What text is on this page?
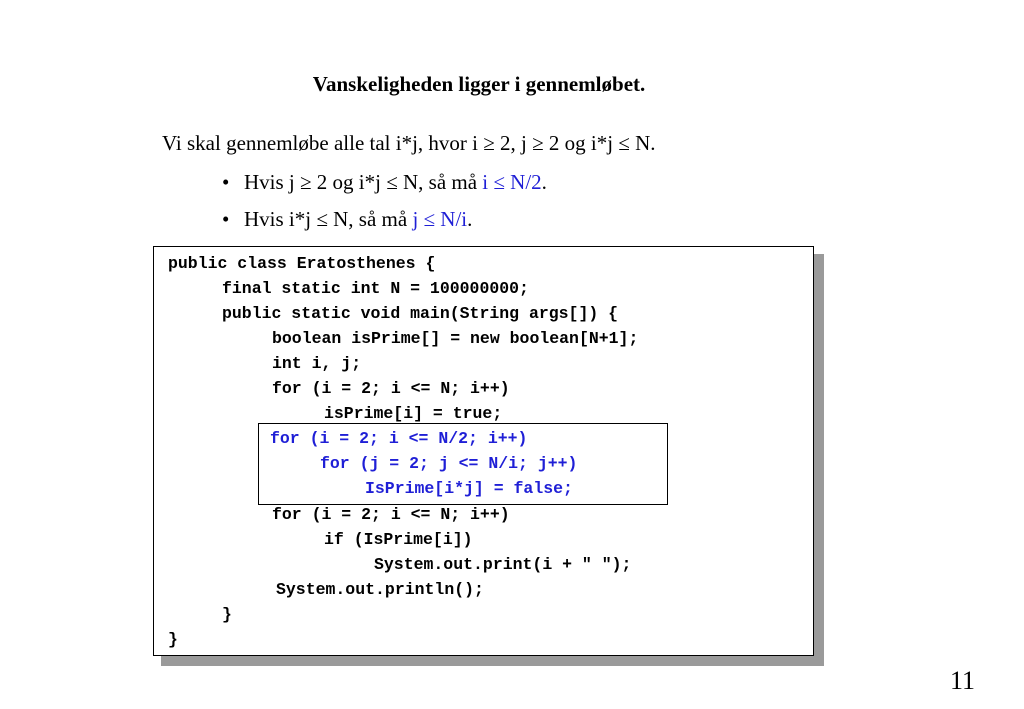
Vanskeligheden ligger i gennemløbet.
Vi skal gennemløbe alle tal i*j, hvor i ≥ 2, j ≥ 2 og i*j ≤ N.
• Hvis j ≥ 2 og i*j ≤ N, så må i ≤ N/2.
• Hvis i*j ≤ N, så må j ≤ N/i.
public class Eratosthenes {
final static int N = 100000000;
public static void main(String args[]) {
boolean isPrime[] = new boolean[N+1];
int i, j;
for (i = 2; i <= N; i++)
isPrime[i] = true;
for (i = 2; i <= N/2; i++)
for (j = 2; j <= N/i; j++)
IsPrime[i*j] = false;
for (i = 2; i <= N; i++)
if (IsPrime[i])
System.out.print(i + " ");
System.out.println();
}
}
11
